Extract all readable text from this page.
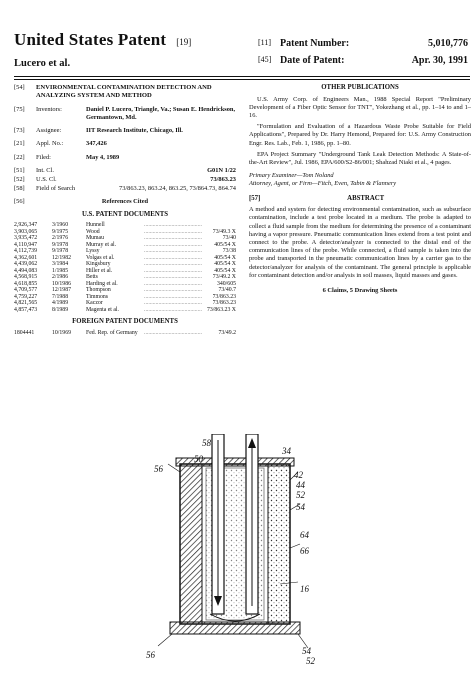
United States Patent [19]
Lucero et al.
[11] Patent Number:	5,010,776
[45] Date of Patent:	Apr. 30, 1991
[54]	ENVIRONMENTAL CONTAMINATION DETECTION AND ANALYZING SYSTEM AND METHOD
[75]	Inventors:	Daniel P. Lucero, Triangle, Va.; Susan E. Hendrickson, Germantown, Md.
[73]	Assignee:	IIT Research Institute, Chicago, Ill.
[21]	Appl. No.:	347,426
[22]	Filed:	May 4, 1989
[51]	Int. Cl.	G01N 1/22
[52]	U.S. Cl.	73/863.23
[58]	Field of Search	73/863.23, 863.24, 863.25, 73/864.73, 864.74
[56]	References Cited
U.S. PATENT DOCUMENTS
2,926,347	3/1960	Hunnell	........................................	
3,903,065	9/1975	Wood	........................................	73/49.3 X
3,935,472	2/1976	Mumau	........................................	73/40
4,110,947	9/1978	Murray et al.	........................................	405/54 X
4,112,739	9/1978	Lyssy	........................................	73/38
4,362,601	12/1982	Volgas et al.	........................................	405/54 X
4,439,062	3/1984	Kingsbury	........................................	405/54 X
4,494,083	1/1985	Hiller et al.	........................................	405/54 X
4,568,915	2/1986	Betts	........................................	73/49.2 X
4,618,855	10/1986	Harding et al.	........................................	340/605
4,709,577	12/1987	Thompson	........................................	73/40.7
4,759,227	7/1988	Timmons	........................................	73/863.23
4,821,565	4/1989	Kaczor	........................................	73/863.23
4,857,473	8/1989	Magenta et al.	........................................	73/863.23 X
FOREIGN PATENT DOCUMENTS
1804441	10/1969	Fed. Rep. of Germany	........................................	73/49.2
OTHER PUBLICATIONS

U.S. Army Corp. of Engineers Man., 1988 Special Report "Preliminary Development of a Fiber Optic Sensor for TNT", Yokezhang et al., pp. 1–14 to and 1–16.

"Formulation and Evaluation of a Hazardous Waste Probe Suitable for Field Applications", Prepared by Dr. Harry Hemond, Prepared for: U.S. Army Construction Engr. Res. Lab., Feb. 1, 1986, pp. 1–80.

EPA Project Summary "Underground Tank Leak Detection Methods: A State-of-the-Art Review", Jul. 1986, EPA/600/S2-86/001; Shahzad Niaki et al., 4 pages.

Primary Examiner—Tom Noland
Attorney, Agent, or Firm—Fitch, Even, Tabin & Flannery
[57]	ABSTRACT
A method and system for detecting environmental contamination, such as subsurface contamination, include a test probe located in a medium. The probe is adapted to collect a fluid sample from the medium for determining the presence of a contaminant having a vapor pressure. Pneumatic communication lines extend from a test point and connect to the probe. A detector/analyzer is connected to the distal end of the communication lines of the probe. While connected, a fluid sample is taken into the probe and transported in the pneumatic communication lines by a carrier gas to the detector/analyzer for analysis of the contaminant. The general principle is applicable for contaminant detection and/or analysis in soil masses, liquid masses and gases.
6 Claims, 5 Drawing Sheets
58
56
50
34
42
44
52
54
66
16
64
56	54
52
